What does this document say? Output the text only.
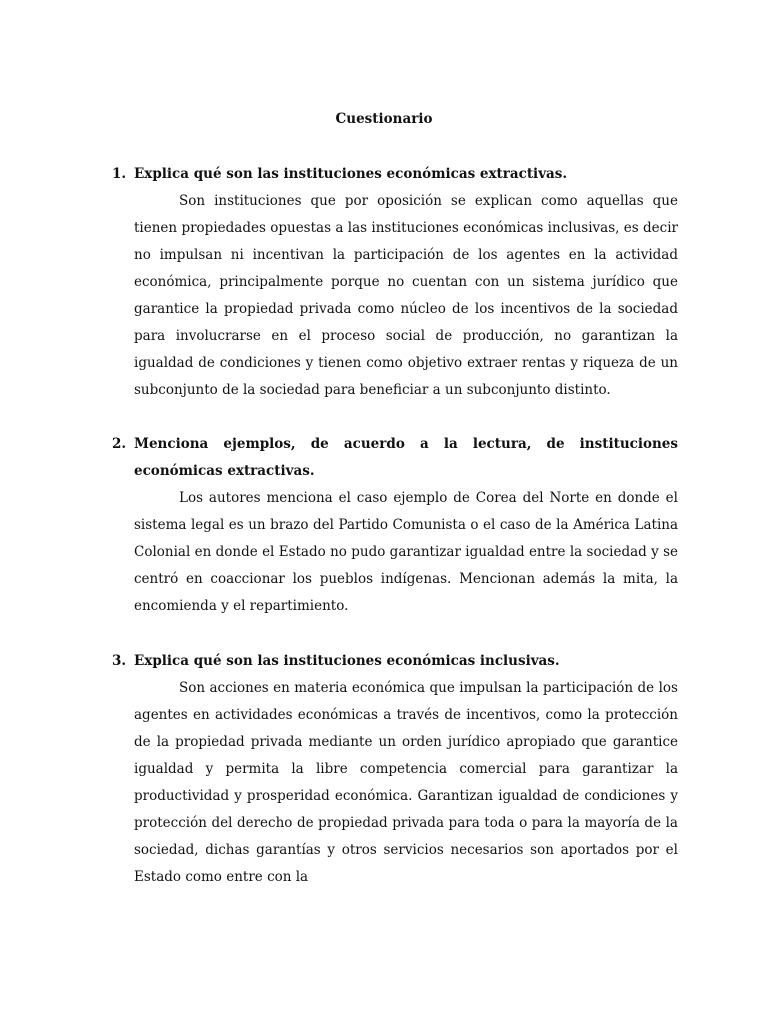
Cuestionario
1. Explica qué son las instituciones económicas extractivas.
Son instituciones que por oposición se explican como aquellas que tienen propiedades opuestas a las instituciones económicas inclusivas, es decir no impulsan ni incentivan la participación de los agentes en la actividad económica, principalmente porque no cuentan con un sistema jurídico que garantice la propiedad privada como núcleo de los incentivos de la sociedad para involucrarse en el proceso social de producción, no garantizan la igualdad de condiciones y tienen como objetivo extraer rentas y riqueza de un subconjunto de la sociedad para beneficiar a un subconjunto distinto.
2. Menciona ejemplos, de acuerdo a la lectura, de instituciones económicas extractivas.
Los autores menciona el caso ejemplo de Corea del Norte en donde el sistema legal es un brazo del Partido Comunista o el caso de la América Latina Colonial en donde el Estado no pudo garantizar igualdad entre la sociedad y se centró en coaccionar los pueblos indígenas. Mencionan además la mita, la encomienda y el repartimiento.
3. Explica qué son las instituciones económicas inclusivas.
Son acciones en materia económica que impulsan la participación de los agentes en actividades económicas a través de incentivos, como la protección de la propiedad privada mediante un orden jurídico apropiado que garantice igualdad y permita la libre competencia comercial para garantizar la productividad y prosperidad económica. Garantizan igualdad de condiciones y protección del derecho de propiedad privada para toda o para la mayoría de la sociedad, dichas garantías y otros servicios necesarios son aportados por el Estado como entre con la
